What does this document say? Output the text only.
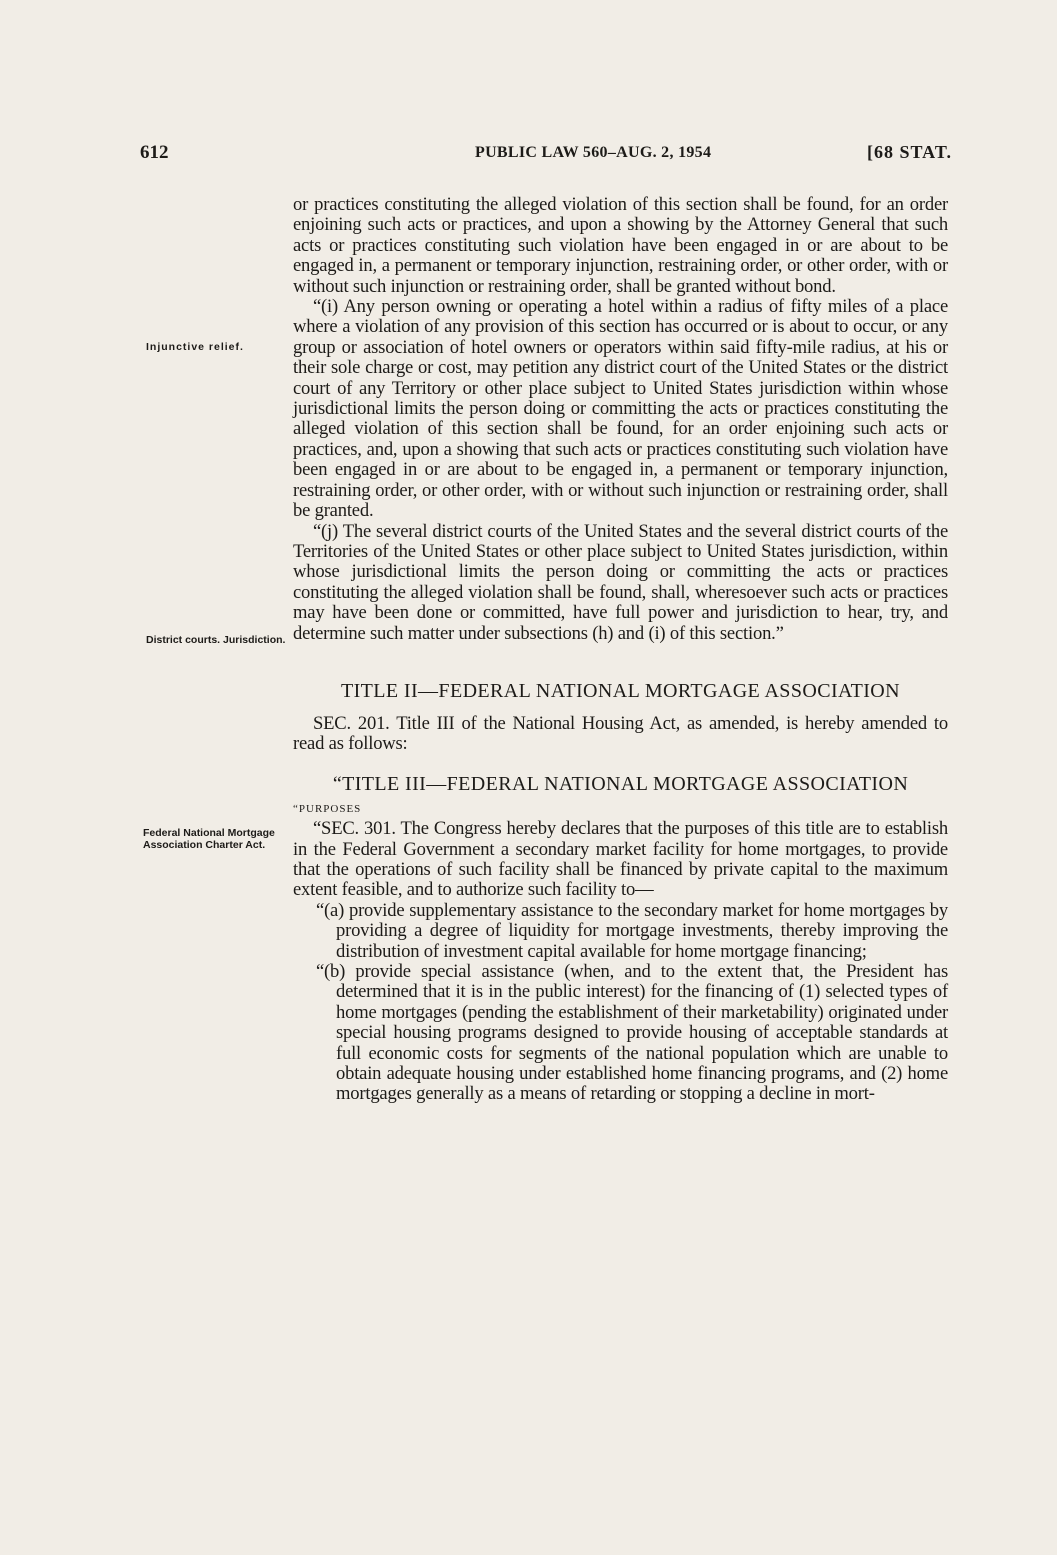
612	PUBLIC LAW 560–AUG. 2, 1954	[68 STAT.
Injunctive relief.
District courts. Jurisdiction.
Federal National Mortgage Association Charter Act.

or practices constituting the alleged violation of this section shall be found, for an order enjoining such acts or practices, and upon a showing by the Attorney General that such acts or practices constituting such violation have been engaged in or are about to be engaged in, a permanent or temporary injunction, restraining order, or other order, with or without such injunction or restraining order, shall be granted without bond.

“(i) Any person owning or operating a hotel within a radius of fifty miles of a place where a violation of any provision of this section has occurred or is about to occur, or any group or association of hotel owners or operators within said fifty-mile radius, at his or their sole charge or cost, may petition any district court of the United States or the district court of any Territory or other place subject to United States jurisdiction within whose jurisdictional limits the person doing or committing the acts or practices constituting the alleged violation of this section shall be found, for an order enjoining such acts or practices, and, upon a showing that such acts or practices constituting such violation have been engaged in or are about to be engaged in, a permanent or temporary injunction, restraining order, or other order, with or without such injunction or restraining order, shall be granted.

“(j) The several district courts of the United States and the several district courts of the Territories of the United States or other place subject to United States jurisdiction, within whose jurisdictional limits the person doing or committing the acts or practices constituting the alleged violation shall be found, shall, wheresoever such acts or practices may have been done or committed, have full power and jurisdiction to hear, try, and determine such matter under subsections (h) and (i) of this section.”

TITLE II—FEDERAL NATIONAL MORTGAGE ASSOCIATION

SEC. 201. Title III of the National Housing Act, as amended, is hereby amended to read as follows:

“TITLE III—FEDERAL NATIONAL MORTGAGE ASSOCIATION

“PURPOSES

“SEC. 301. The Congress hereby declares that the purposes of this title are to establish in the Federal Government a secondary market facility for home mortgages, to provide that the operations of such facility shall be financed by private capital to the maximum extent feasible, and to authorize such facility to—

“(a) provide supplementary assistance to the secondary market for home mortgages by providing a degree of liquidity for mortgage investments, thereby improving the distribution of investment capital available for home mortgage financing;

“(b) provide special assistance (when, and to the extent that, the President has determined that it is in the public interest) for the financing of (1) selected types of home mortgages (pending the establishment of their marketability) originated under special housing programs designed to provide housing of acceptable standards at full economic costs for segments of the national population which are unable to obtain adequate housing under established home financing programs, and (2) home mortgages generally as a means of retarding or stopping a decline in mort-
